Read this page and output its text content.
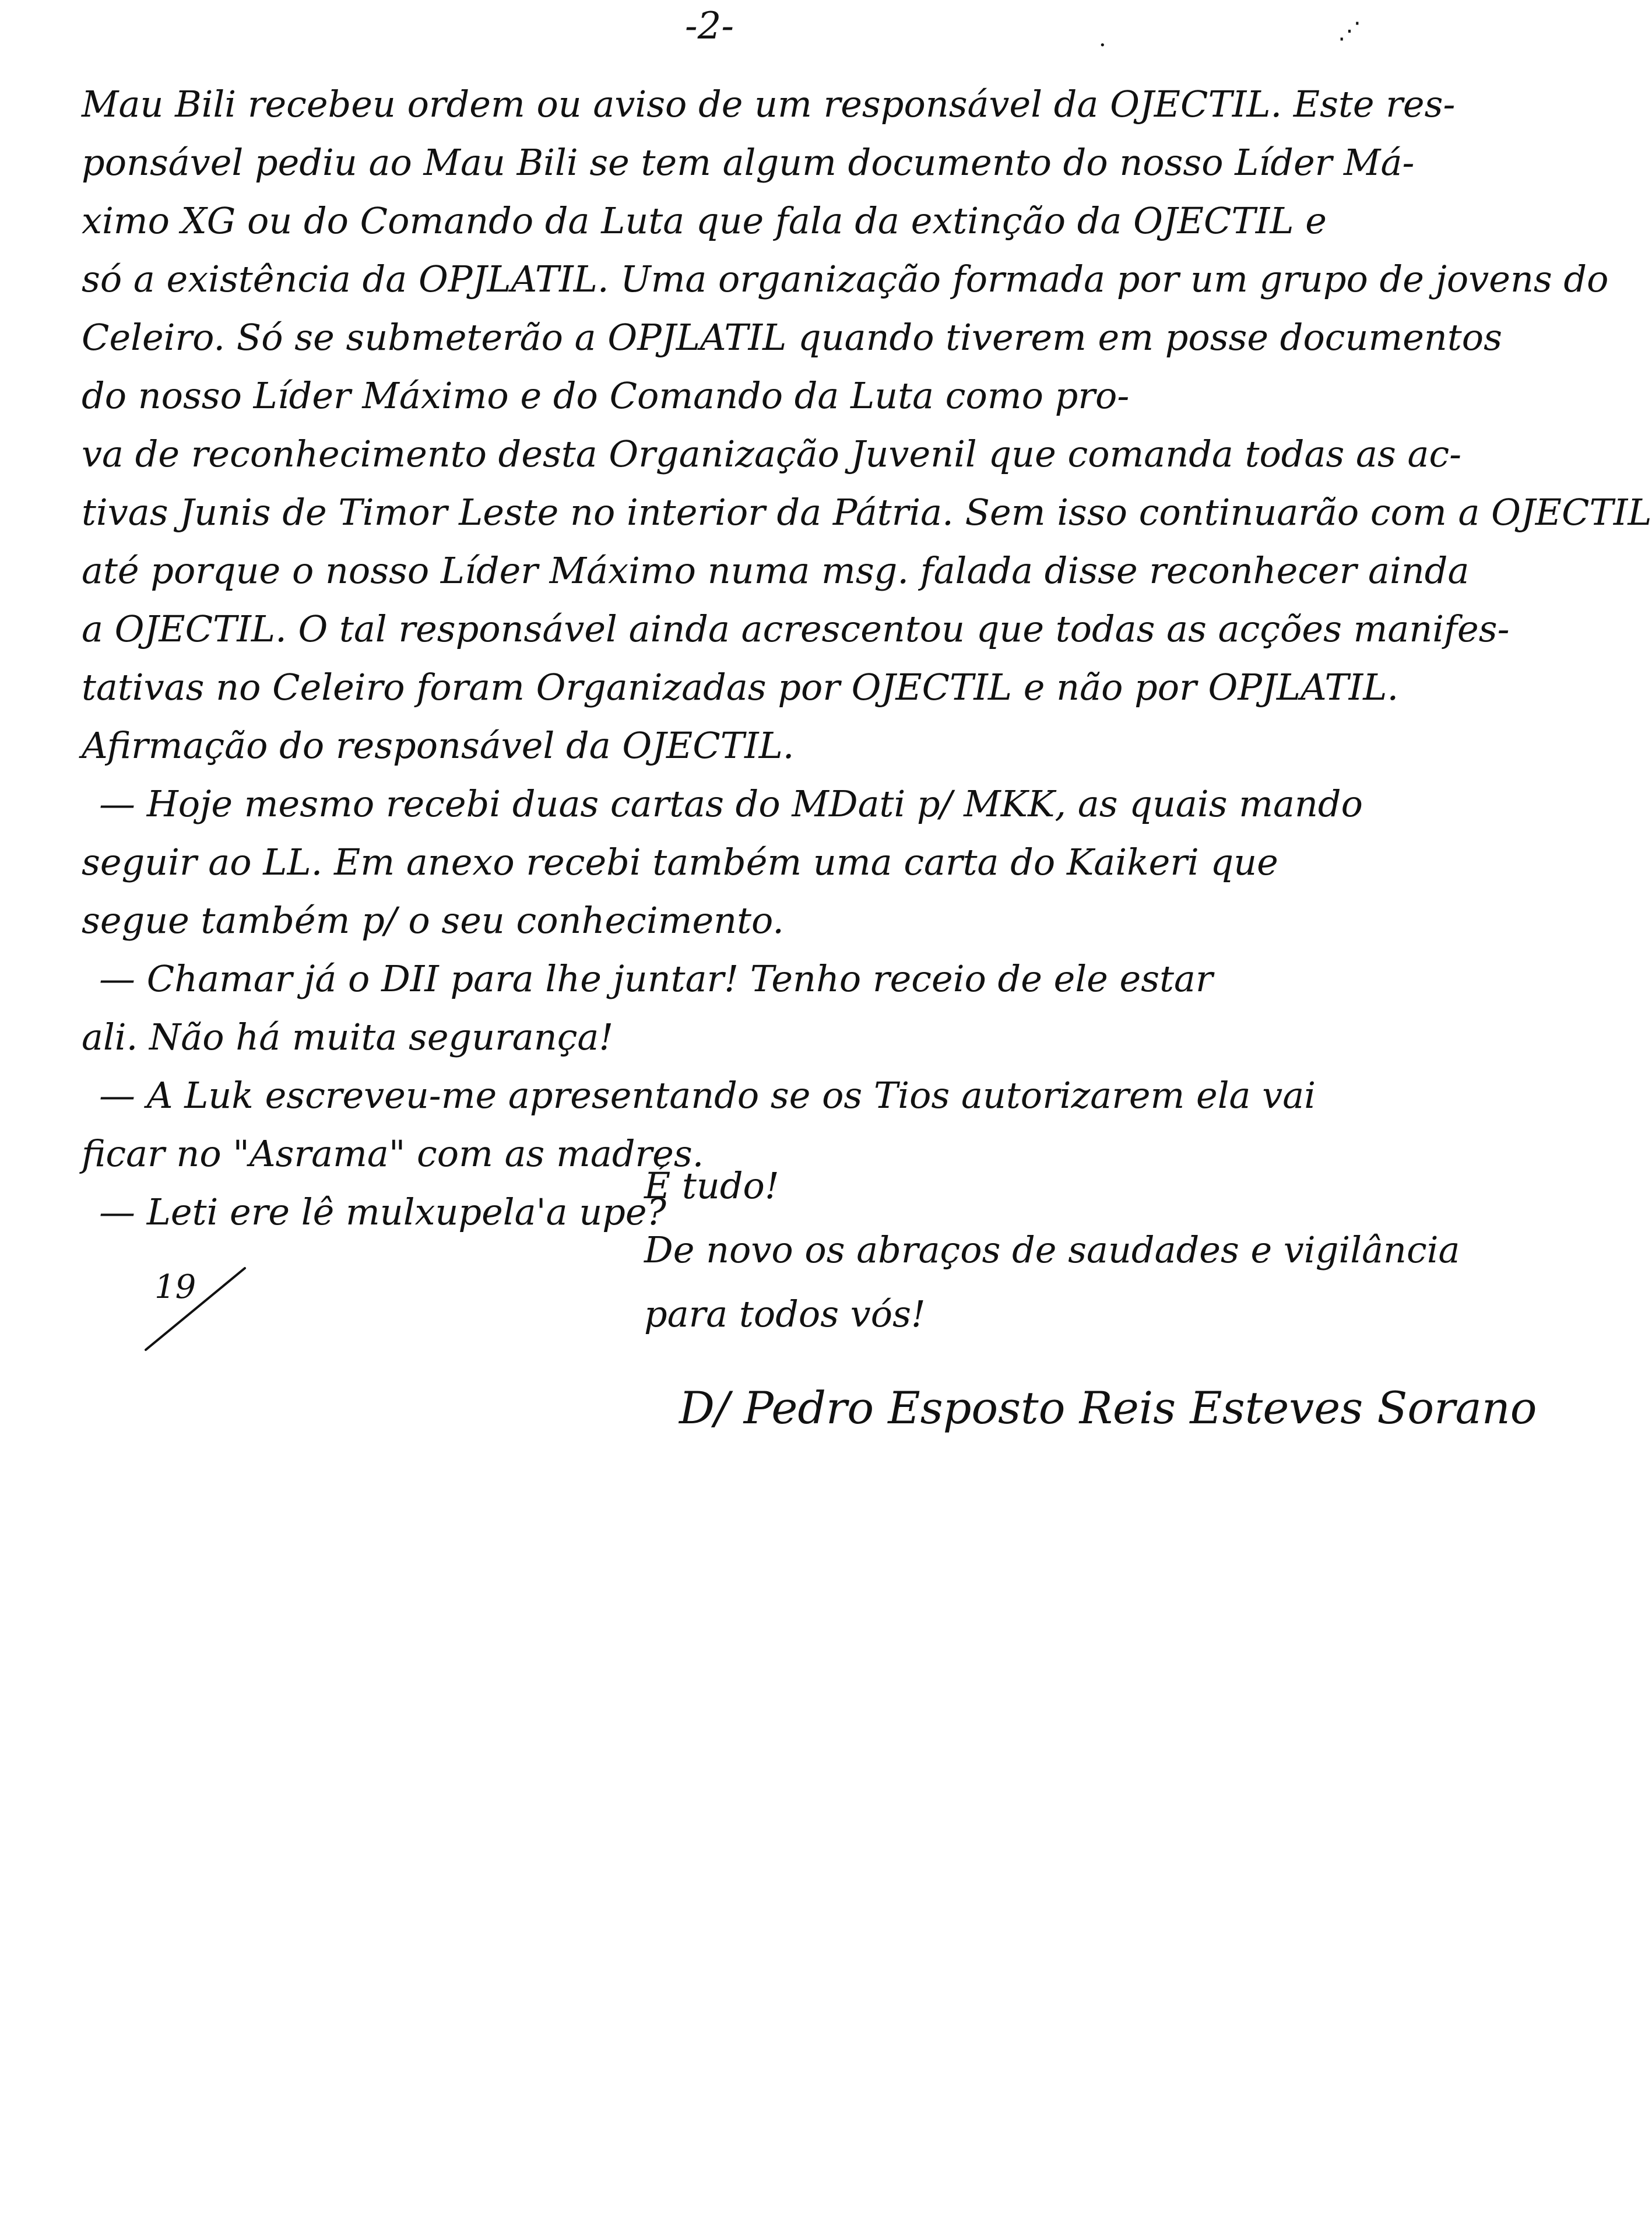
-2-	·
⋰
Mau Bili recebeu ordem ou aviso de um responsável da OJECTIL. Este res-
ponsável pediu ao Mau Bili se tem algum documento do nosso Líder Má-
ximo XG ou do Comando da Luta que fala da extinção da OJECTIL e
só a existência da OPJLATIL. Uma organização formada por um grupo de jovens do
Celeiro. Só se submeterão a OPJLATIL quando tiverem em posse documentos
do nosso Líder Máximo e do Comando da Luta como pro-
va de reconhecimento desta Organização Juvenil que comanda todas as ac-
tivas Junis de Timor Leste no interior da Pátria. Sem isso continuarão com a OJECTIL
até porque o nosso Líder Máximo numa msg. falada disse reconhecer ainda
a OJECTIL. O tal responsável ainda acrescentou que todas as acções manifes-
tativas no Celeiro foram Organizadas por OJECTIL e não por OPJLATIL.
Afirmação do responsável da OJECTIL.
— Hoje mesmo recebi duas cartas do MDati p/ MKK, as quais mando
seguir ao LL. Em anexo recebi também uma carta do Kaikeri que
segue também p/ o seu conhecimento.
— Chamar já o DII para lhe juntar! Tenho receio de ele estar
ali. Não há muita segurança!
— A Luk escreveu-me apresentando se os Tios autorizarem ela vai
ficar no "Asrama" com as madres.
— Leti ere lê mulxupela'a upe?
É tudo!
De novo os abraços de saudades e vigilância
para todos vós!
19
D/ Pedro Esposto Reis Esteves Sorano
